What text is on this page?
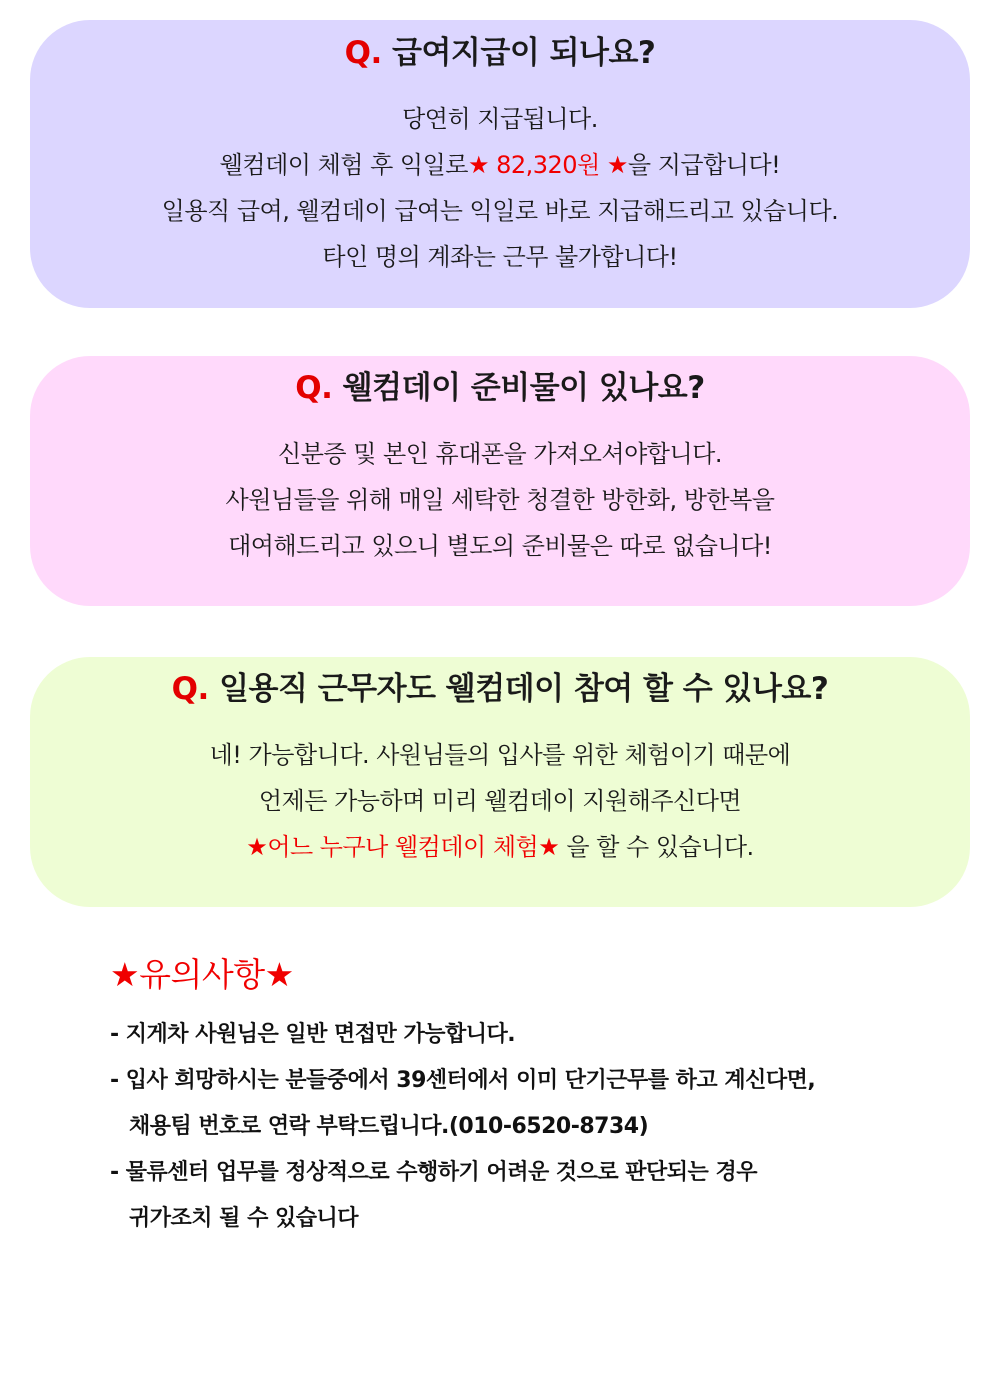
Q. 급여지급이 되나요?
당연히 지급됩니다.
웰컴데이 체험 후 익일로★ 82,320원 ★을 지급합니다!
일용직 급여, 웰컴데이 급여는 익일로 바로 지급해드리고 있습니다.
타인 명의 계좌는 근무 불가합니다!
Q. 웰컴데이 준비물이 있나요?
신분증 및 본인 휴대폰을 가져오셔야합니다.
사원님들을 위해 매일 세탁한 청결한 방한화, 방한복을
대여해드리고 있으니 별도의 준비물은 따로 없습니다!
Q. 일용직 근무자도 웰컴데이 참여 할 수 있나요?
네! 가능합니다. 사원님들의 입사를 위한 체험이기 때문에
언제든 가능하며 미리 웰컴데이 지원해주신다면
★어느 누구나 웰컴데이 체험★ 을 할 수 있습니다.
★유의사항★
- 지게차 사원님은 일반 면접만 가능합니다.
- 입사 희망하시는 분들중에서 39센터에서 이미 단기근무를 하고 계신다면,
채용팀 번호로 연락 부탁드립니다.(010-6520-8734)
- 물류센터 업무를 정상적으로 수행하기 어려운 것으로 판단되는 경우
귀가조치 될 수 있습니다
